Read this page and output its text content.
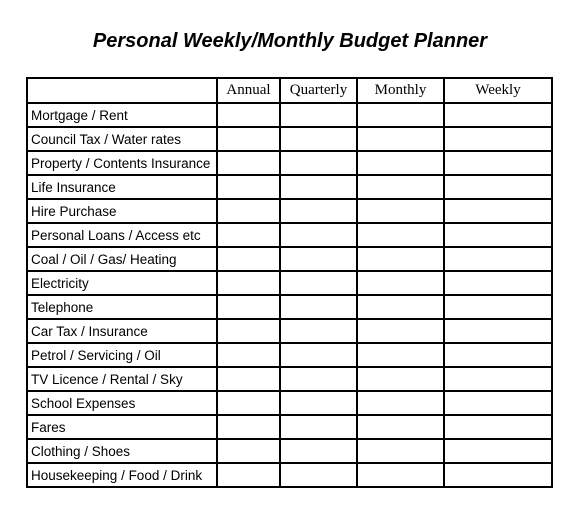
Personal Weekly/Monthly Budget Planner
	Annual	Quarterly	Monthly	Weekly
Mortgage / Rent				
Council Tax / Water rates				
Property / Contents Insurance				
Life Insurance				
Hire Purchase				
Personal Loans / Access etc				
Coal / Oil / Gas/ Heating				
Electricity				
Telephone				
Car Tax / Insurance				
Petrol / Servicing / Oil				
TV Licence / Rental / Sky				
School Expenses				
Fares				
Clothing / Shoes				
Housekeeping / Food / Drink				
